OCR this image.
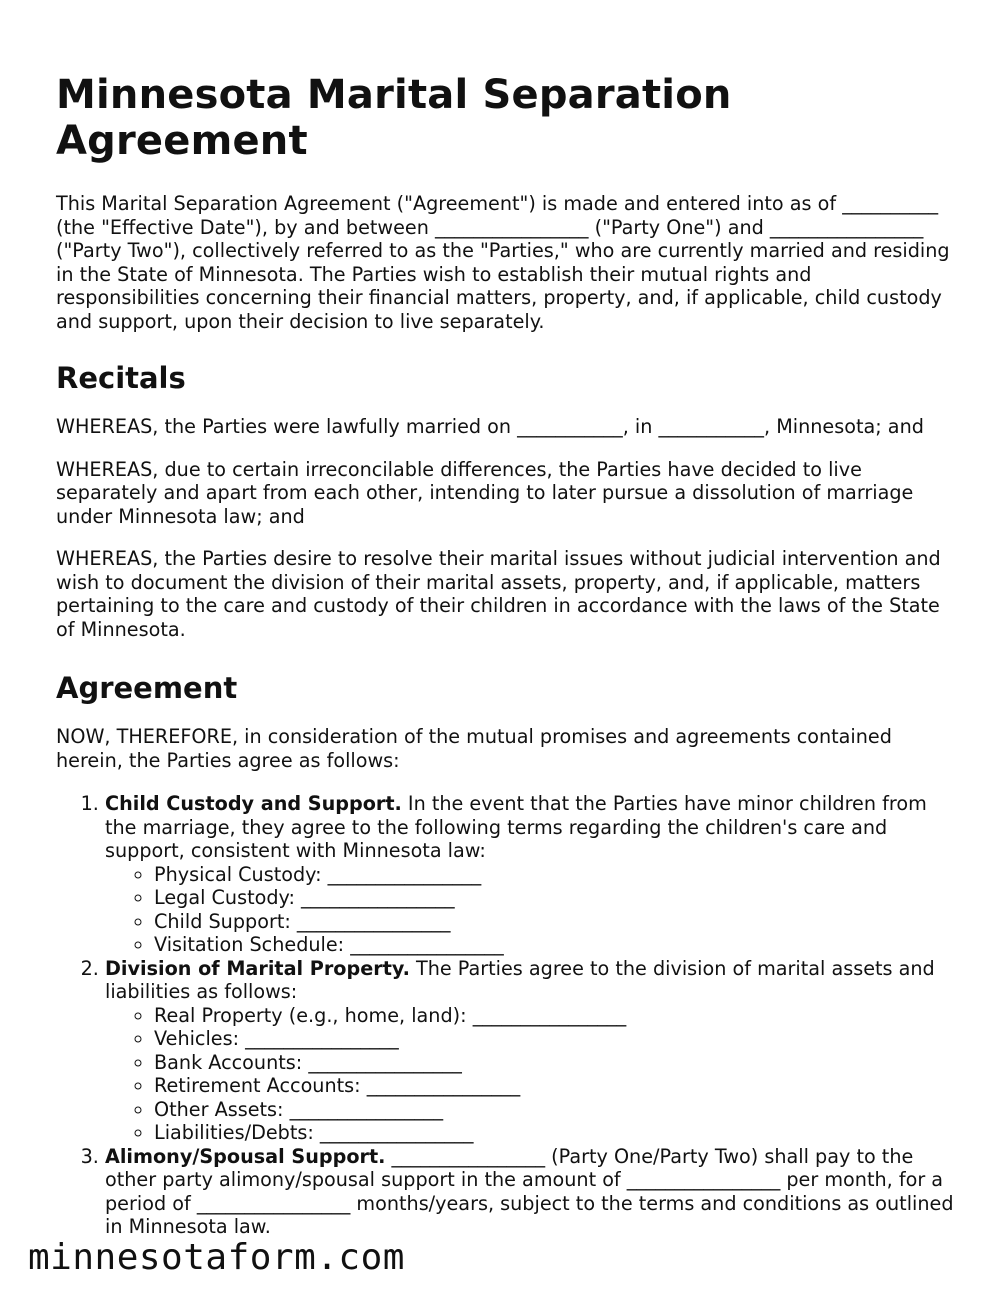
Minnesota Marital Separation Agreement

This Marital Separation Agreement ("Agreement") is made and entered into as of __________ (the "Effective Date"), by and between ________________ ("Party One") and ________________ ("Party Two"), collectively referred to as the "Parties," who are currently married and residing in the State of Minnesota. The Parties wish to establish their mutual rights and responsibilities concerning their financial matters, property, and, if applicable, child custody and support, upon their decision to live separately.

Recitals

WHEREAS, the Parties were lawfully married on ___________, in ___________, Minnesota; and

WHEREAS, due to certain irreconcilable differences, the Parties have decided to live separately and apart from each other, intending to later pursue a dissolution of marriage under Minnesota law; and

WHEREAS, the Parties desire to resolve their marital issues without judicial intervention and wish to document the division of their marital assets, property, and, if applicable, matters pertaining to the care and custody of their children in accordance with the laws of the State of Minnesota.

Agreement

NOW, THEREFORE, in consideration of the mutual promises and agreements contained herein, the Parties agree as follows:

1. Child Custody and Support. In the event that the Parties have minor children from the marriage, they agree to the following terms regarding the children's care and support, consistent with Minnesota law:
◦ Physical Custody: ________________
◦ Legal Custody: ________________
◦ Child Support: ________________
◦ Visitation Schedule: ________________
2. Division of Marital Property. The Parties agree to the division of marital assets and liabilities as follows:
◦ Real Property (e.g., home, land): ________________
◦ Vehicles: ________________
◦ Bank Accounts: ________________
◦ Retirement Accounts: ________________
◦ Other Assets: ________________
◦ Liabilities/Debts: ________________
3. Alimony/Spousal Support. ________________ (Party One/Party Two) shall pay to the other party alimony/spousal support in the amount of ________________ per month, for a period of ________________ months/years, subject to the terms and conditions as outlined in Minnesota law.
minnesotaform.com
